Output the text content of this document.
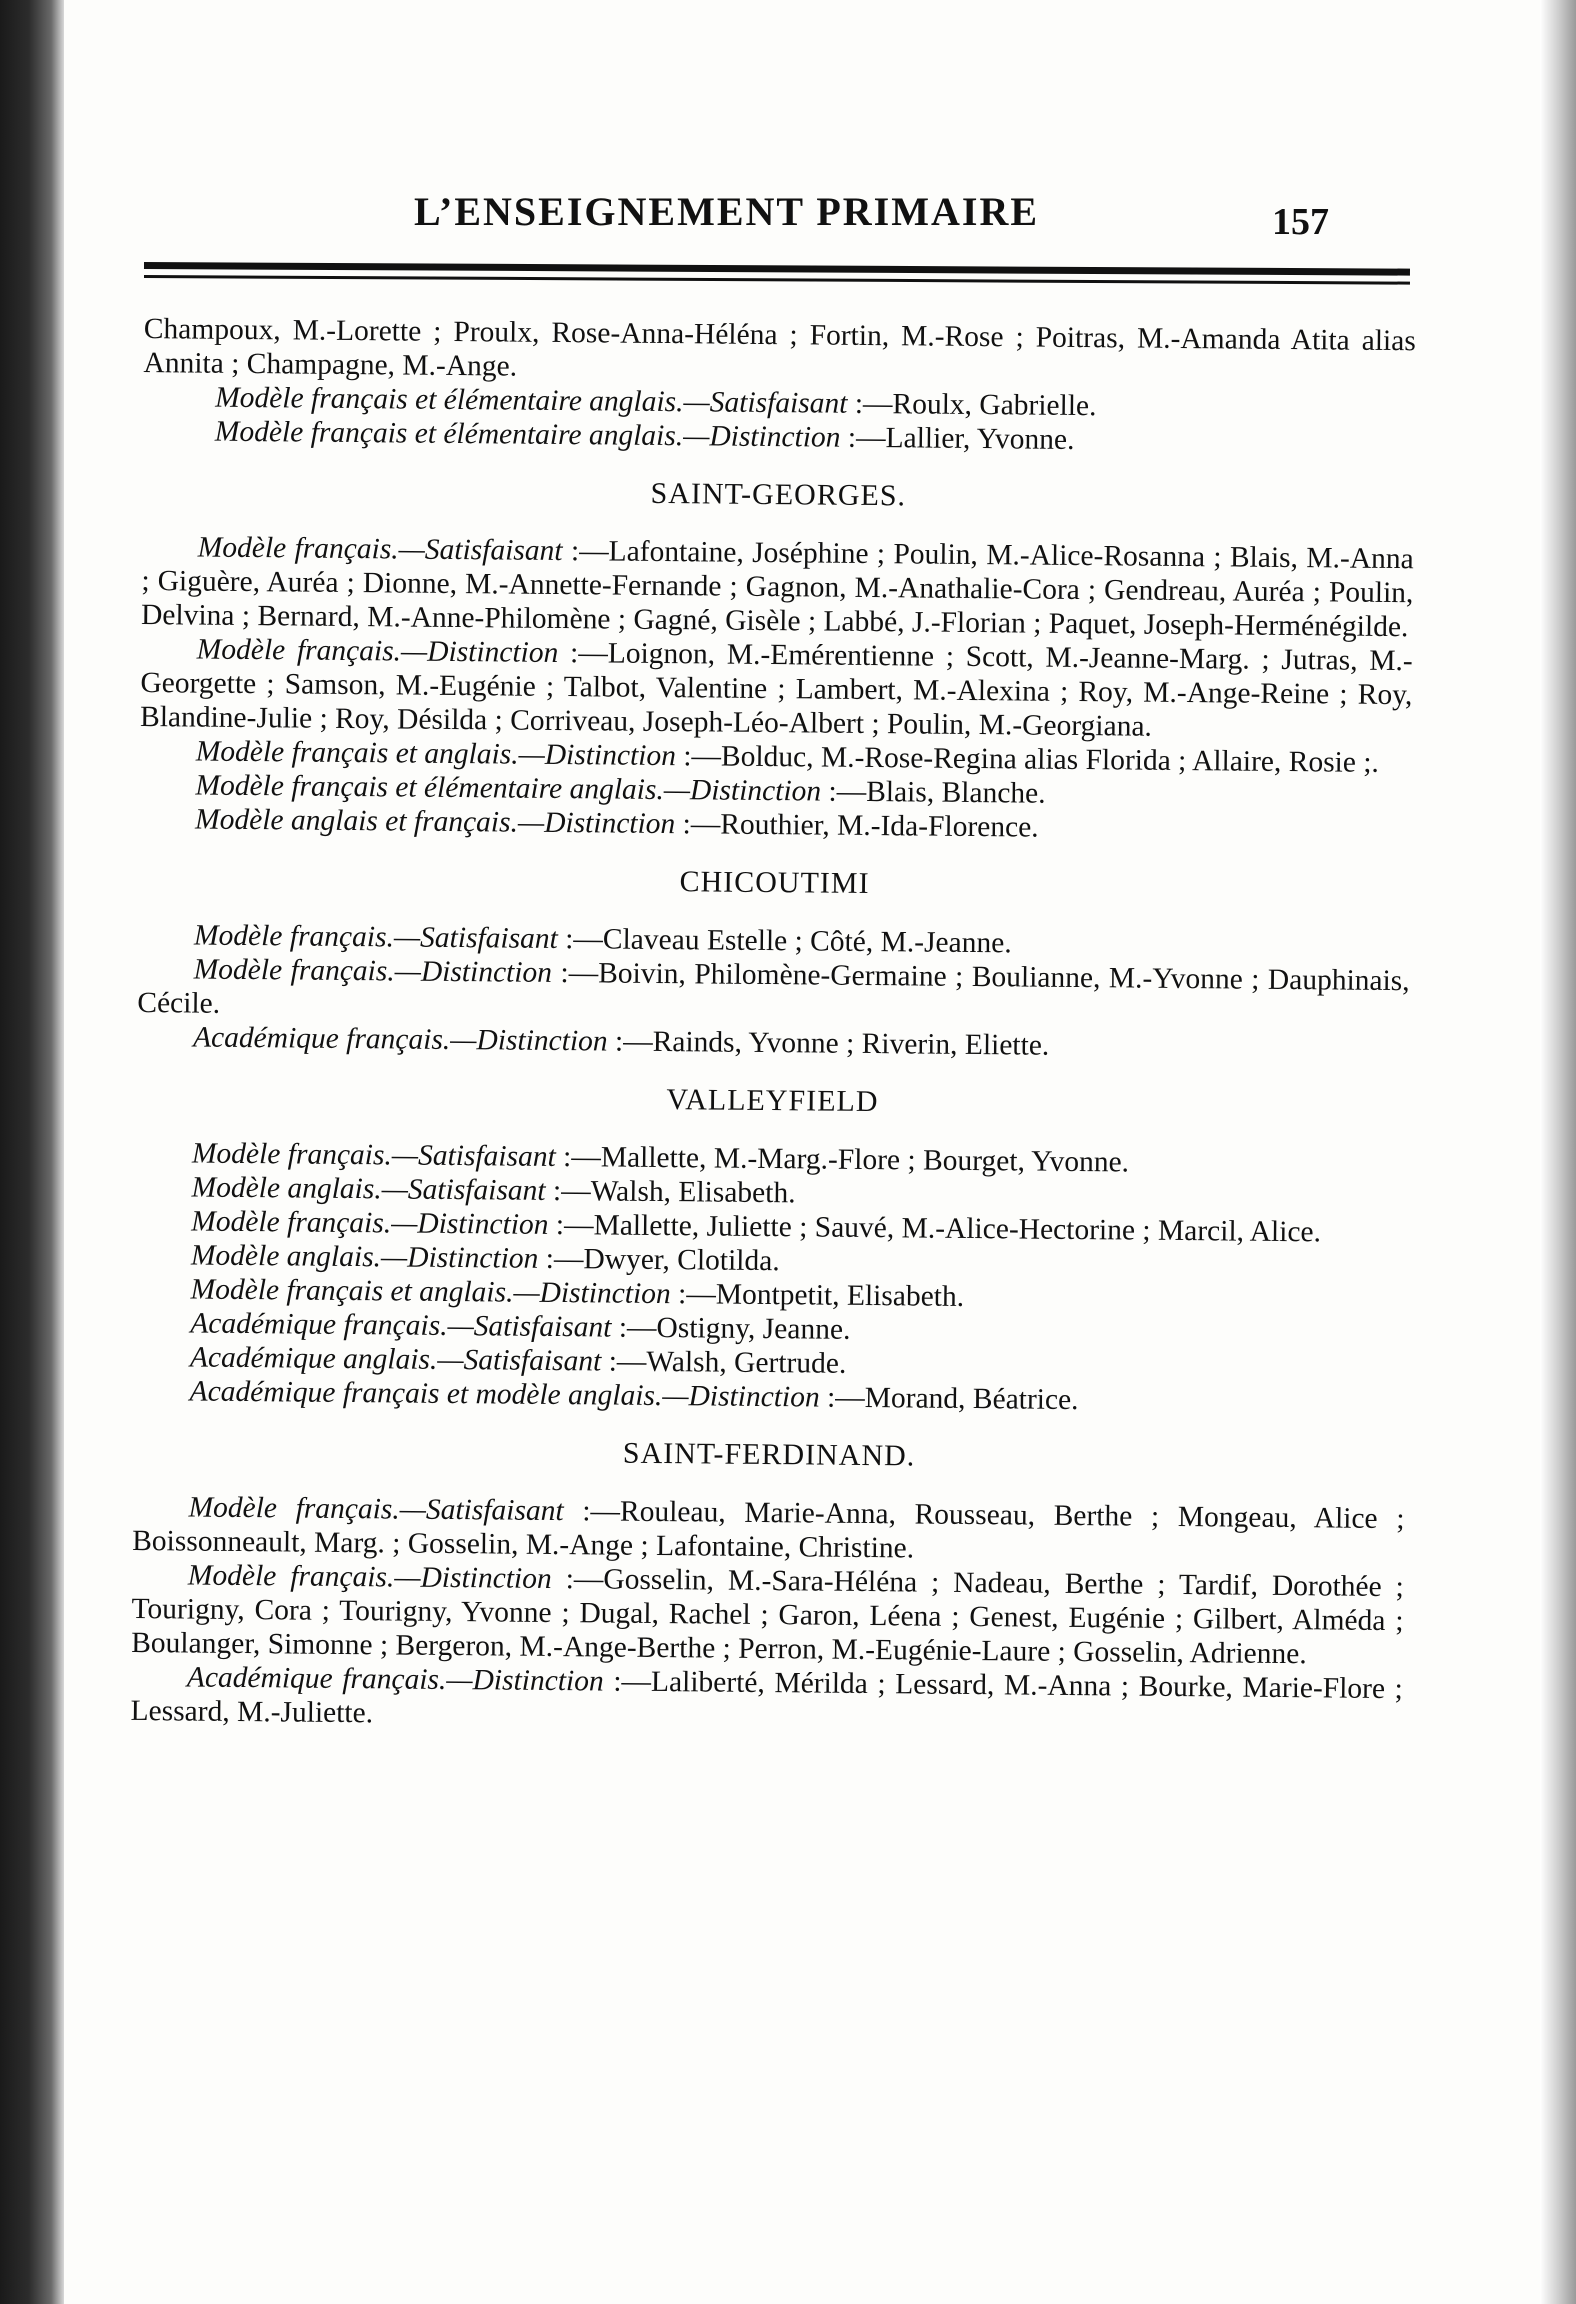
L’ENSEIGNEMENT PRIMAIRE	157

Champoux, M.-Lorette ; Proulx, Rose-Anna-Héléna ; Fortin, M.-Rose ; Poitras, M.-Amanda Atita alias Annita ; Champagne, M.-Ange.

Modèle français et élémentaire anglais.—Satisfaisant :—Roulx, Gabrielle.

Modèle français et élémentaire anglais.—Distinction :—Lallier, Yvonne.

SAINT-GEORGES.

Modèle français.—Satisfaisant :—Lafontaine, Joséphine ; Poulin, M.-Alice-Rosanna ; Blais, M.-Anna ; Giguère, Auréa ; Dionne, M.-Annette-Fernande ; Gagnon, M.-Anathalie-Cora ; Gendreau, Auréa ; Poulin, Delvina ; Bernard, M.-Anne-Philomène ; Gagné, Gisèle ; Labbé, J.-Florian ; Paquet, Joseph-Herménégilde.

Modèle français.—Distinction :—Loignon, M.-Emérentienne ; Scott, M.-Jeanne-Marg. ; Jutras, M.-Georgette ; Samson, M.-Eugénie ; Talbot, Valentine ; Lambert, M.-Alexina ; Roy, M.-Ange-Reine ; Roy, Blandine-Julie ; Roy, Désilda ; Corriveau, Joseph-Léo-Albert ; Poulin, M.-Georgiana.

Modèle français et anglais.—Distinction :—Bolduc, M.-Rose-Regina alias Florida ; Allaire, Rosie ;.

Modèle français et élémentaire anglais.—Distinction :—Blais, Blanche.

Modèle anglais et français.—Distinction :—Routhier, M.-Ida-Florence.

CHICOUTIMI

Modèle français.—Satisfaisant :—Claveau Estelle ; Côté, M.-Jeanne.

Modèle français.—Distinction :—Boivin, Philomène-Germaine ; Boulianne, M.-Yvonne ; Dauphinais, Cécile.

Académique français.—Distinction :—Rainds, Yvonne ; Riverin, Eliette.

VALLEYFIELD

Modèle français.—Satisfaisant :—Mallette, M.-Marg.-Flore ; Bourget, Yvonne.

Modèle anglais.—Satisfaisant :—Walsh, Elisabeth.

Modèle français.—Distinction :—Mallette, Juliette ; Sauvé, M.-Alice-Hectorine ; Marcil, Alice.

Modèle anglais.—Distinction :—Dwyer, Clotilda.

Modèle français et anglais.—Distinction :—Montpetit, Elisabeth.

Académique français.—Satisfaisant :—Ostigny, Jeanne.

Académique anglais.—Satisfaisant :—Walsh, Gertrude.

Académique français et modèle anglais.—Distinction :—Morand, Béatrice.

SAINT-FERDINAND.

Modèle français.—Satisfaisant :—Rouleau, Marie-Anna, Rousseau, Berthe ; Mongeau, Alice ; Boissonneault, Marg. ; Gosselin, M.-Ange ; Lafontaine, Christine.

Modèle français.—Distinction :—Gosselin, M.-Sara-Héléna ; Nadeau, Berthe ; Tardif, Dorothée ; Tourigny, Cora ; Tourigny, Yvonne ; Dugal, Rachel ; Garon, Léena ; Genest, Eugénie ; Gilbert, Alméda ; Boulanger, Simonne ; Bergeron, M.-Ange-Berthe ; Perron, M.-Eugénie-Laure ; Gosselin, Adrienne.

Académique français.—Distinction :—Laliberté, Mérilda ; Lessard, M.-Anna ; Bourke, Marie-Flore ; Lessard, M.-Juliette.
